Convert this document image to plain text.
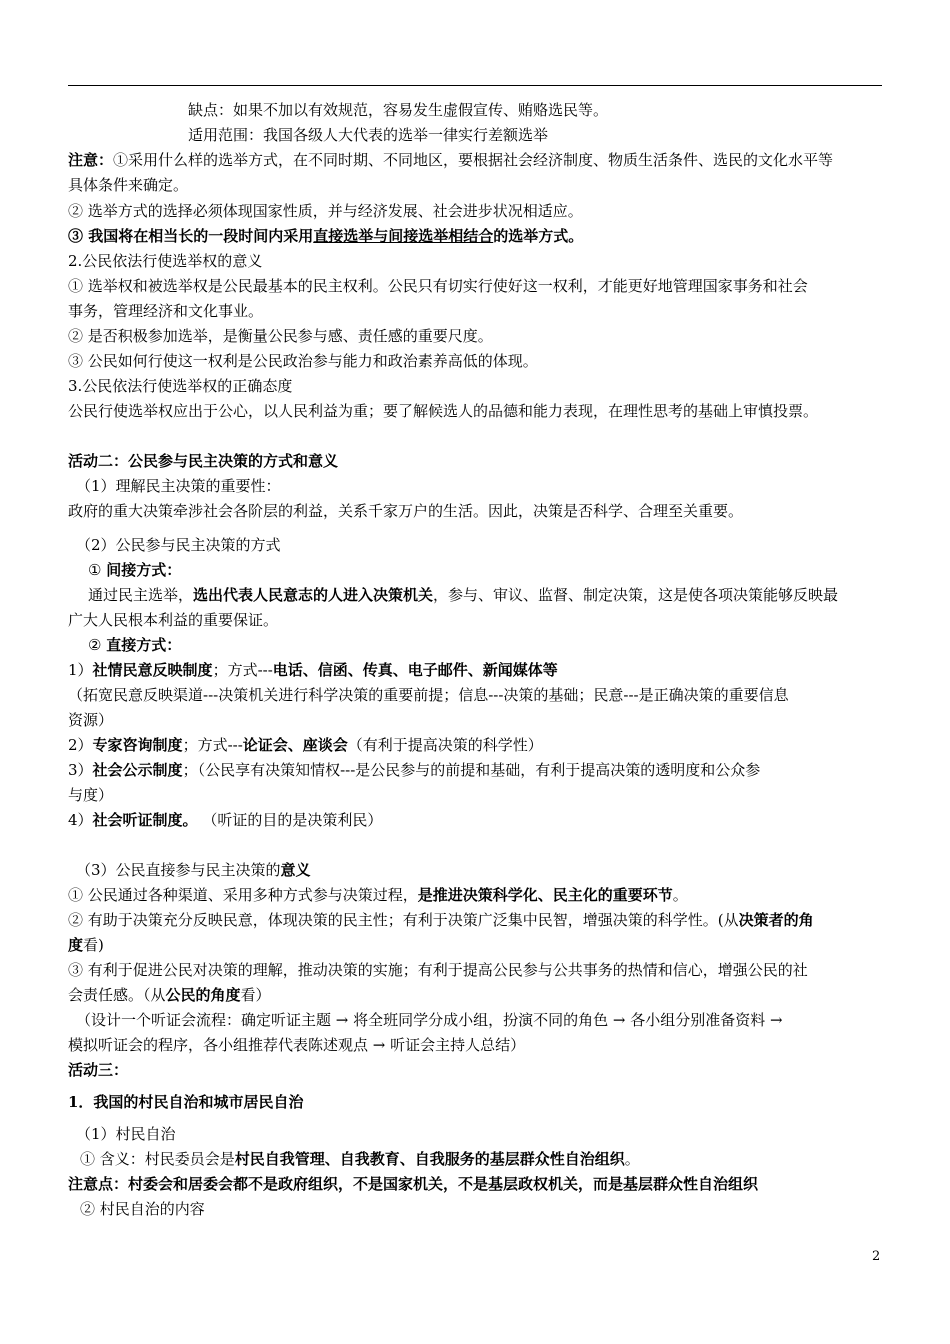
缺点：如果不加以有效规范，容易发生虚假宣传、贿赂选民等。
适用范围：我国各级人大代表的选举一律实行差额选举
注意：①采用什么样的选举方式，在不同时期、不同地区，要根据社会经济制度、物质生活条件、选民的文化水平等
具体条件来确定。
② 选举方式的选择必须体现国家性质，并与经济发展、社会进步状况相适应。
③ 我国将在相当长的一段时间内采用直接选举与间接选举相结合的选举方式。
2.公民依法行使选举权的意义
① 选举权和被选举权是公民最基本的民主权利。公民只有切实行使好这一权利，才能更好地管理国家事务和社会
事务，管理经济和文化事业。
② 是否积极参加选举，是衡量公民参与感、责任感的重要尺度。
③ 公民如何行使这一权利是公民政治参与能力和政治素养高低的体现。
3.公民依法行使选举权的正确态度
公民行使选举权应出于公心，以人民利益为重；要了解候选人的品德和能力表现，在理性思考的基础上审慎投票。
活动二：公民参与民主决策的方式和意义
（1）理解民主决策的重要性：
政府的重大决策牵涉社会各阶层的利益，关系千家万户的生活。因此，决策是否科学、合理至关重要。
（2）公民参与民主决策的方式
① 间接方式：
通过民主选举，选出代表人民意志的人进入决策机关，参与、审议、监督、制定决策，这是使各项决策能够反映最
广大人民根本利益的重要保证。
② 直接方式：
1）社情民意反映制度；方式---电话、信函、传真、电子邮件、新闻媒体等
（拓宽民意反映渠道---决策机关进行科学决策的重要前提；信息---决策的基础；民意---是正确决策的重要信息
资源）
2）专家咨询制度；方式---论证会、座谈会（有利于提高决策的科学性）
3）社会公示制度；（公民享有决策知情权---是公民参与的前提和基础，有利于提高决策的透明度和公众参
与度）
4）社会听证制度。 （听证的目的是决策利民）
（3）公民直接参与民主决策的意义
① 公民通过各种渠道、采用多种方式参与决策过程，是推进决策科学化、民主化的重要环节。
② 有助于决策充分反映民意，体现决策的民主性；有利于决策广泛集中民智，增强决策的科学性。(从决策者的角
度看)
③ 有利于促进公民对决策的理解，推动决策的实施；有利于提高公民参与公共事务的热情和信心，增强公民的社
会责任感。（从公民的角度看）
（设计一个听证会流程：确定听证主题 → 将全班同学分成小组，扮演不同的角色 → 各小组分别准备资料 →
模拟听证会的程序，各小组推荐代表陈述观点 → 听证会主持人总结）
活动三：
1．我国的村民自治和城市居民自治
（1）村民自治
① 含义：村民委员会是村民自我管理、自我教育、自我服务的基层群众性自治组织。
注意点：村委会和居委会都不是政府组织，不是国家机关，不是基层政权机关，而是基层群众性自治组织
② 村民自治的内容
2
